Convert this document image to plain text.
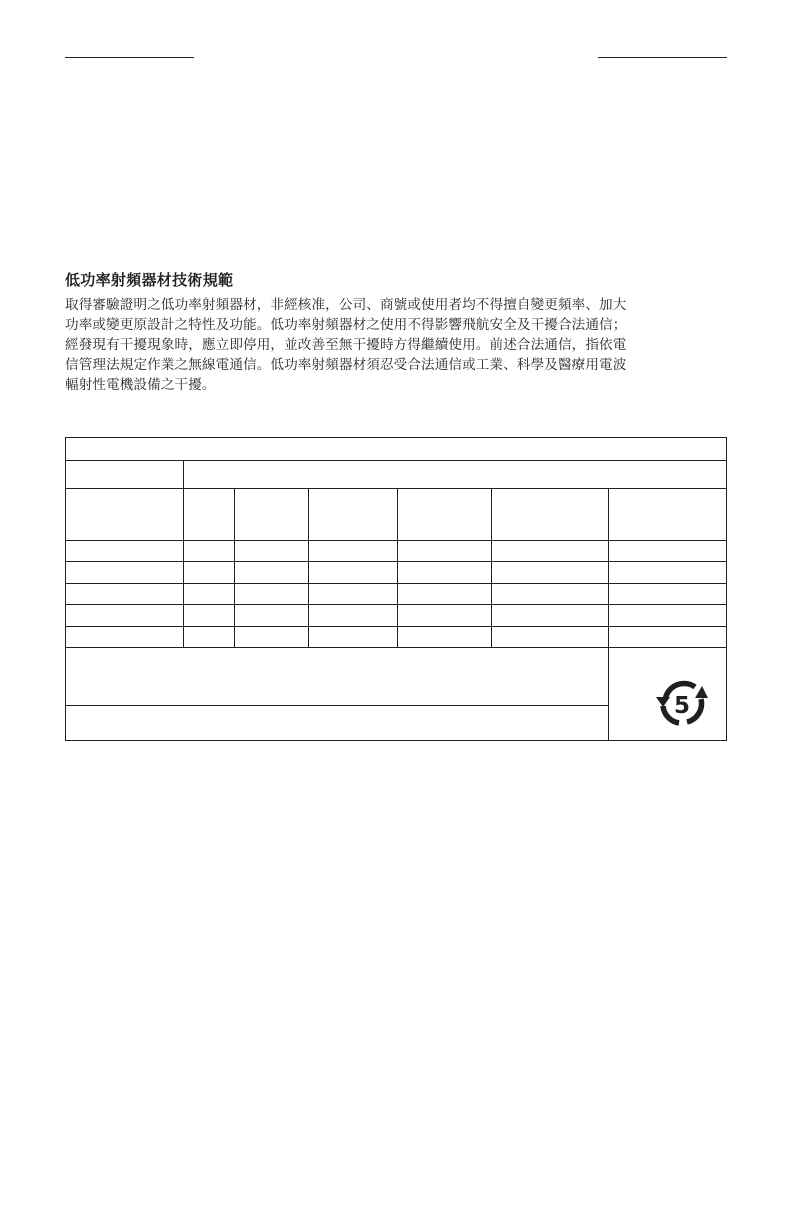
低功率射頻器材技術規範
取得審驗證明之低功率射頻器材，非經核准，公司、商號或使用者均不得擅自變更頻率、加大
功率或變更原設計之特性及功能。低功率射頻器材之使用不得影響飛航安全及干擾合法通信；
經發現有干擾現象時，應立即停用，並改善至無干擾時方得繼續使用。前述合法通信，指依電
信管理法規定作業之無線電通信。低功率射頻器材須忍受合法通信或工業、科學及醫療用電波
輻射性電機設備之干擾。
5
